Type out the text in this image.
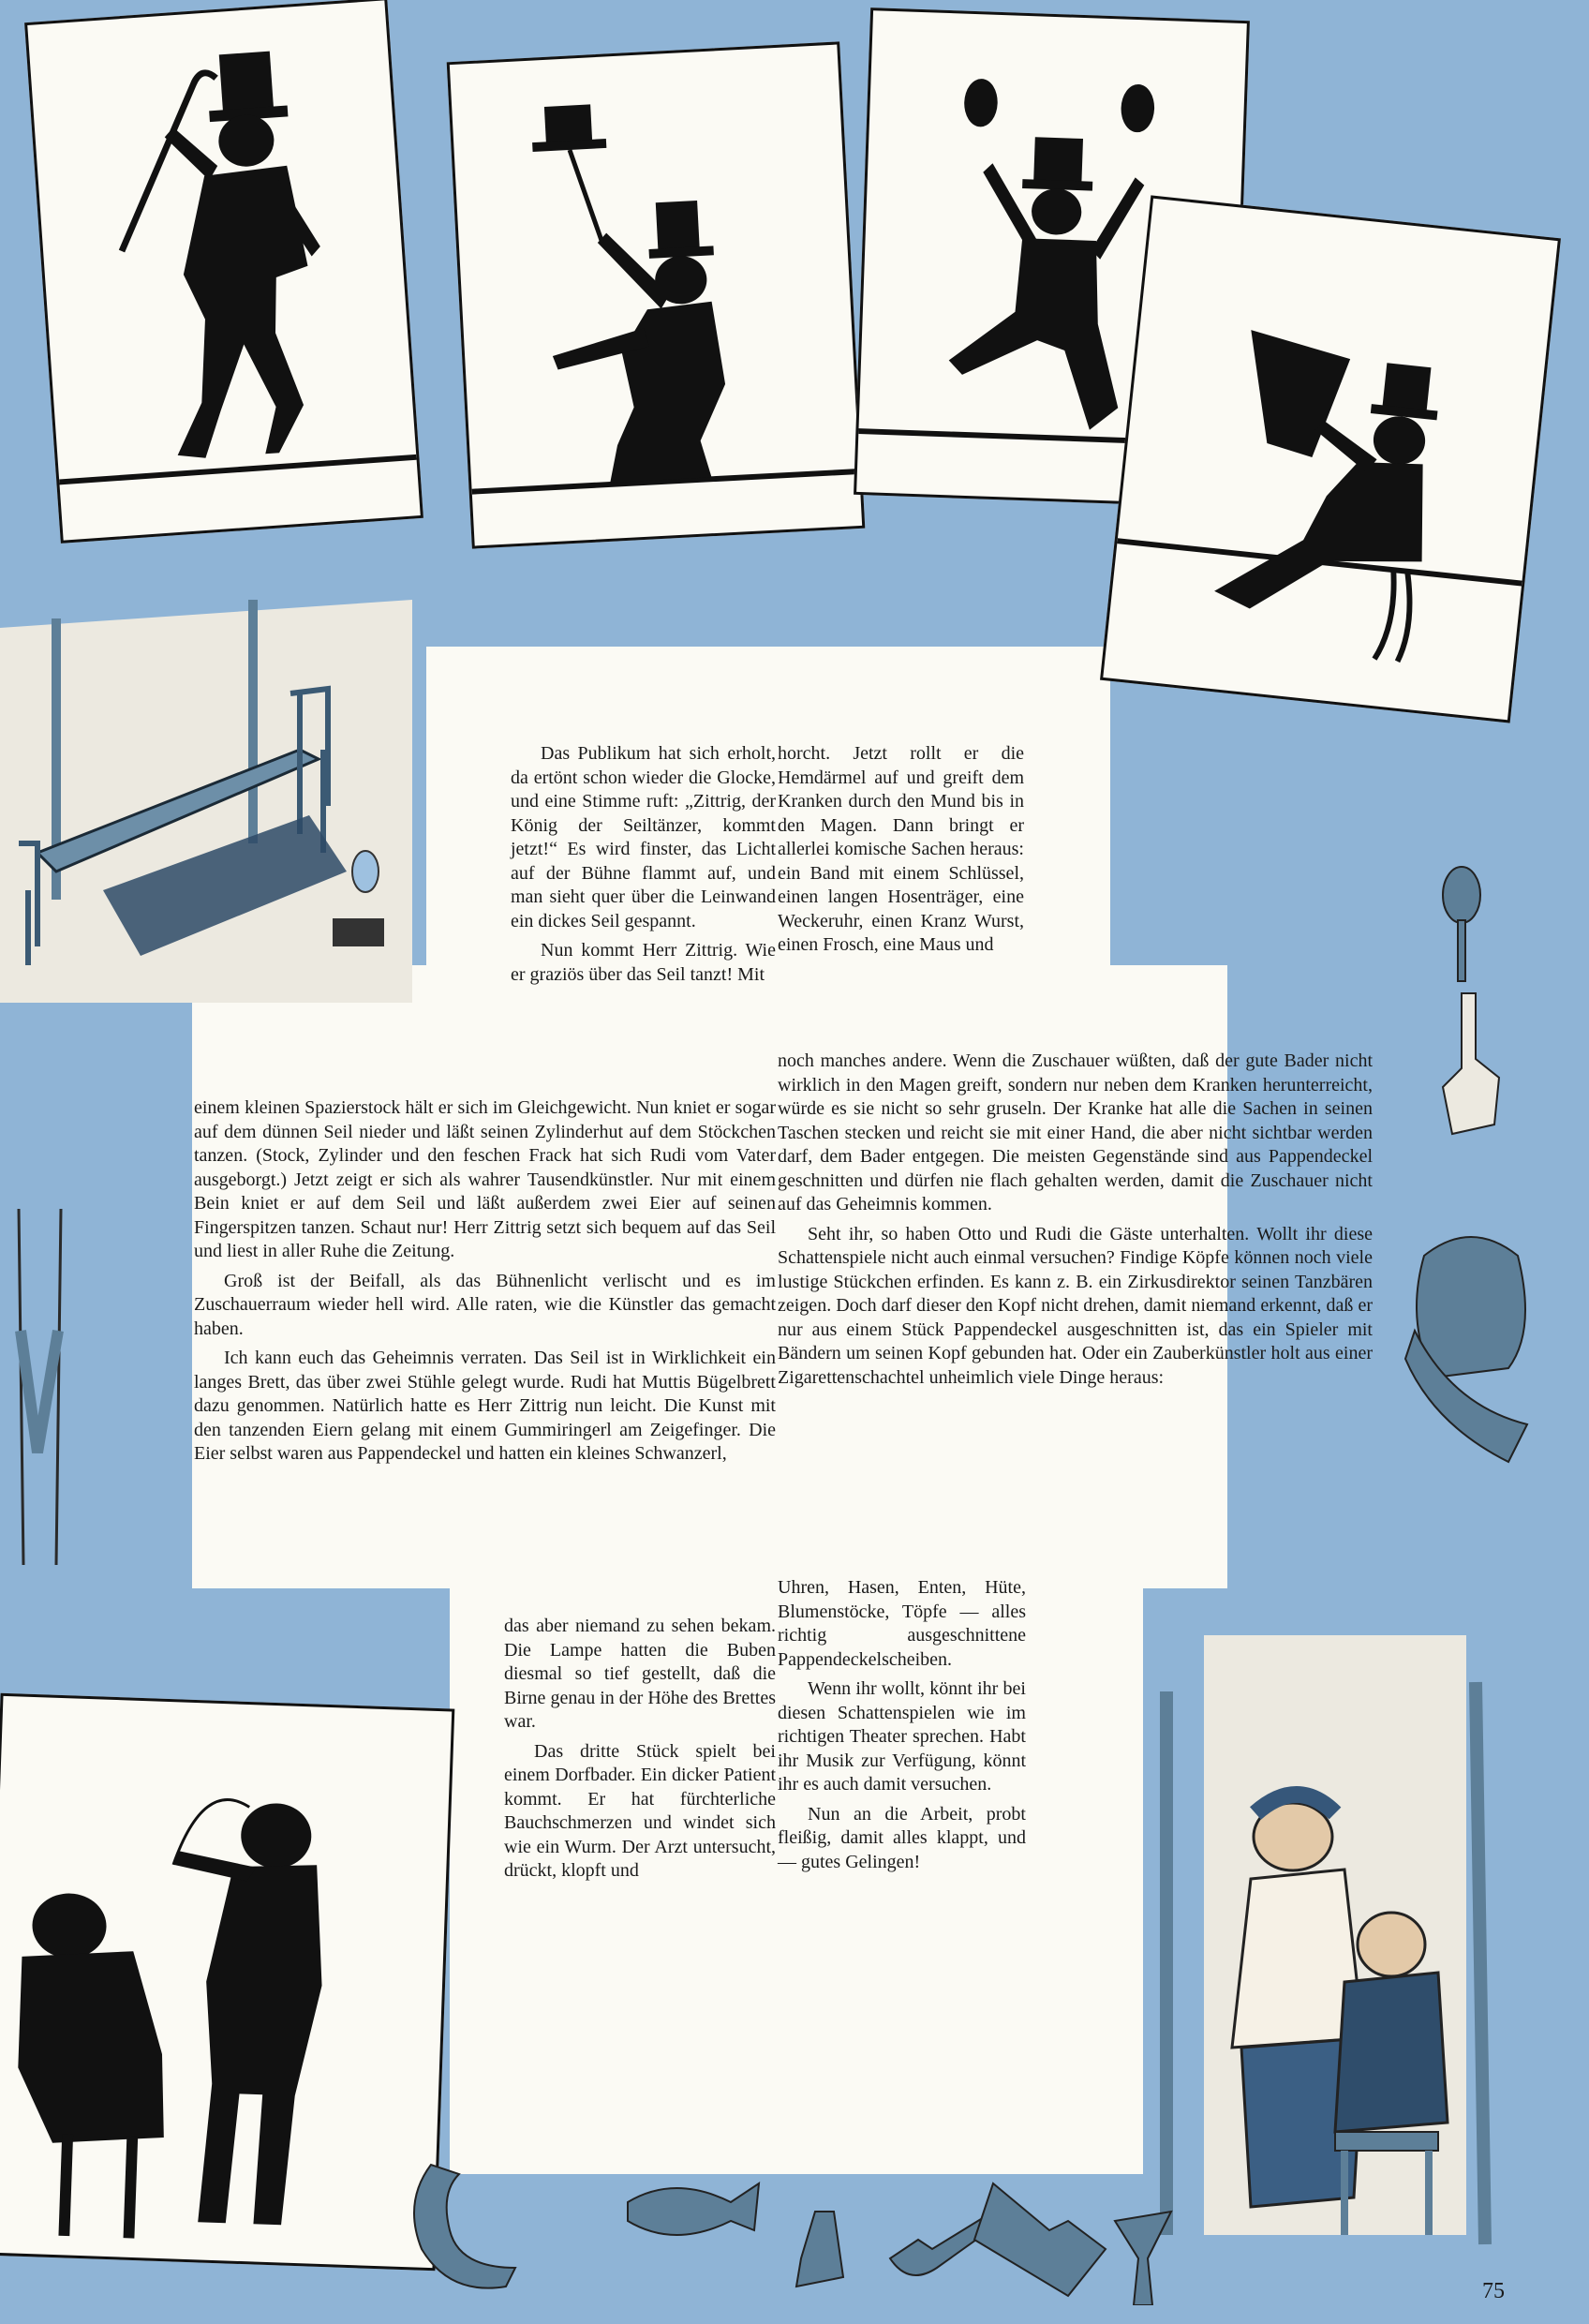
Das Publikum hat sich erholt, da ertönt schon wieder die Glocke, und eine Stimme ruft: „Zittrig, der König der Seiltänzer, kommt jetzt!“ Es wird finster, das Licht auf der Bühne flammt auf, und man sieht quer über die Leinwand ein dickes Seil gespannt.

Nun kommt Herr Zittrig. Wie er graziös über das Seil tanzt! Mit

einem kleinen Spazierstock hält er sich im Gleichgewicht. Nun kniet er sogar auf dem dünnen Seil nieder und läßt seinen Zylinderhut auf dem Stöckchen tanzen. (Stock, Zylinder und den feschen Frack hat sich Rudi vom Vater ausgeborgt.) Jetzt zeigt er sich als wahrer Tausendkünstler. Nur mit einem Bein kniet er auf dem Seil und läßt außerdem zwei Eier auf seinen Fingerspitzen tanzen. Schaut nur! Herr Zittrig setzt sich bequem auf das Seil und liest in aller Ruhe die Zeitung.

Groß ist der Beifall, als das Bühnenlicht verlischt und es im Zuschauerraum wieder hell wird. Alle raten, wie die Künstler das gemacht haben.

Ich kann euch das Geheimnis verraten. Das Seil ist in Wirklichkeit ein langes Brett, das über zwei Stühle gelegt wurde. Rudi hat Muttis Bügelbrett dazu genommen. Natürlich hatte es Herr Zittrig nun leicht. Die Kunst mit den tanzenden Eiern gelang mit einem Gummiringerl am Zeigefinger. Die Eier selbst waren aus Pappendeckel und hatten ein kleines Schwanzerl,

das aber niemand zu sehen bekam. Die Lampe hatten die Buben diesmal so tief gestellt, daß die Birne genau in der Höhe des Brettes war.

Das dritte Stück spielt bei einem Dorfbader. Ein dicker Patient kommt. Er hat fürchterliche Bauchschmerzen und windet sich wie ein Wurm. Der Arzt untersucht, drückt, klopft und

horcht. Jetzt rollt er die Hemdärmel auf und greift dem Kranken durch den Mund bis in den Magen. Dann bringt er allerlei komische Sachen heraus: ein Band mit einem Schlüssel, einen langen Hosenträger, eine Weckeruhr, einen Kranz Wurst, einen Frosch, eine Maus und

noch manches andere. Wenn die Zuschauer wüßten, daß der gute Bader nicht wirklich in den Magen greift, sondern nur neben dem Kranken herunterreicht, würde es sie nicht so sehr gruseln. Der Kranke hat alle die Sachen in seinen Taschen stecken und reicht sie mit einer Hand, die aber nicht sichtbar werden darf, dem Bader entgegen. Die meisten Gegenstände sind aus Pappendeckel geschnitten und dürfen nie flach gehalten werden, damit die Zuschauer nicht auf das Geheimnis kommen.

Seht ihr, so haben Otto und Rudi die Gäste unterhalten. Wollt ihr diese Schattenspiele nicht auch einmal versuchen? Findige Köpfe können noch viele lustige Stückchen erfinden. Es kann z. B. ein Zirkusdirektor seinen Tanzbären zeigen. Doch darf dieser den Kopf nicht drehen, damit niemand erkennt, daß er nur aus einem Stück Pappendeckel ausgeschnitten ist, das ein Spieler mit Bändern um seinen Kopf gebunden hat. Oder ein Zauberkünstler holt aus einer Zigarettenschachtel unheimlich viele Dinge heraus:

Uhren, Hasen, Enten, Hüte, Blumenstöcke, Töpfe — alles richtig ausgeschnittene Pappendeckelscheiben.

Wenn ihr wollt, könnt ihr bei diesen Schattenspielen wie im richtigen Theater sprechen. Habt ihr Musik zur Verfügung, könnt ihr es auch damit versuchen.

Nun an die Arbeit, probt fleißig, damit alles klappt, und — gutes Gelingen!

75
